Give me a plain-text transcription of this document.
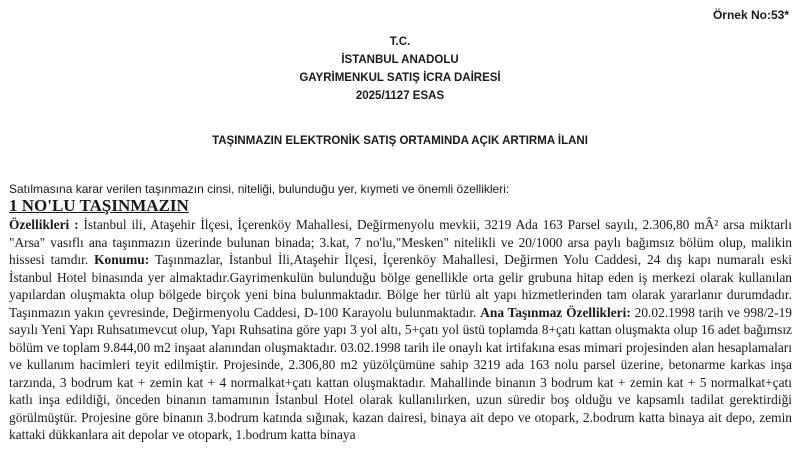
Örnek No:53*
T.C.
İSTANBUL ANADOLU
GAYRİMENKUL SATIŞ İCRA DAİRESİ
2025/1127 ESAS
TAŞINMAZIN ELEKTRONİK SATIŞ ORTAMINDA AÇIK ARTIRMA İLANI
Satılmasına karar verilen taşınmazın cinsi, niteliği, bulunduğu yer, kıymeti ve önemli özellikleri:
1 NO'LU TAŞINMAZIN

Özellikleri : İstanbul ili, Ataşehir İlçesi, İçerenköy Mahallesi, Değirmenyolu mevkii, 3219 Ada 163 Parsel sayılı, 2.306,80 mÂ² arsa miktarlı "Arsa" vasıflı ana taşınmazın üzerinde bulunan binada; 3.kat, 7 no'lu,"Mesken" nitelikli ve 20/1000 arsa paylı bağımsız bölüm olup, malikin hissesi tamdır. Konumu: Taşınmazlar, İstanbul İli,Ataşehir İlçesi, İçerenköy Mahallesi, Değirmen Yolu Caddesi, 24 dış kapı numaralı eski İstanbul Hotel binasında yer almaktadır.Gayrimenkulün bulunduğu bölge genellikle orta gelir grubuna hitap eden iş merkezi olarak kullanılan yapılardan oluşmakta olup bölgede birçok yeni bina bulunmaktadır. Bölge her türlü alt yapı hizmetlerinden tam olarak yararlanır durumdadır. Taşınmazın yakın çevresinde, Değirmenyolu Caddesi, D-100 Karayolu bulunmaktadır. Ana Taşınmaz Özellikleri: 20.02.1998 tarih ve 998/2-19 sayılı Yeni Yapı Ruhsatımevcut olup, Yapı Ruhsatina göre yapı 3 yol altı, 5+çatı yol üstü toplamda 8+çatı kattan oluşmakta olup 16 adet bağımsız bölüm ve toplam 9.844,00 m2 inşaat alanından oluşmaktadır. 03.02.1998 tarih ile onaylı kat irtifakına esas mimari projesinden alan hesaplamaları ve kullanım hacimleri teyit edilmiştir. Projesinde, 2.306,80 m2 yüzölçümüne sahip 3219 ada 163 nolu parsel üzerine, betonarme karkas inşa tarzında, 3 bodrum kat + zemin kat + 4 normalkat+çatı kattan oluşmaktadır. Mahallinde binanın 3 bodrum kat + zemin kat + 5 normalkat+çatı katlı inşa edildiği, önceden binanın tamamının İstanbul Hotel olarak kullanılırken, uzun süredir boş olduğu ve kapsamlı tadilat gerektirdiği görülmüştür. Projesine göre binanın 3.bodrum katında sığınak, kazan dairesi, binaya ait depo ve otopark, 2.bodrum katta binaya ait depo, zemin kattaki dükkanlara ait depolar ve otopark, 1.bodrum katta binaya
